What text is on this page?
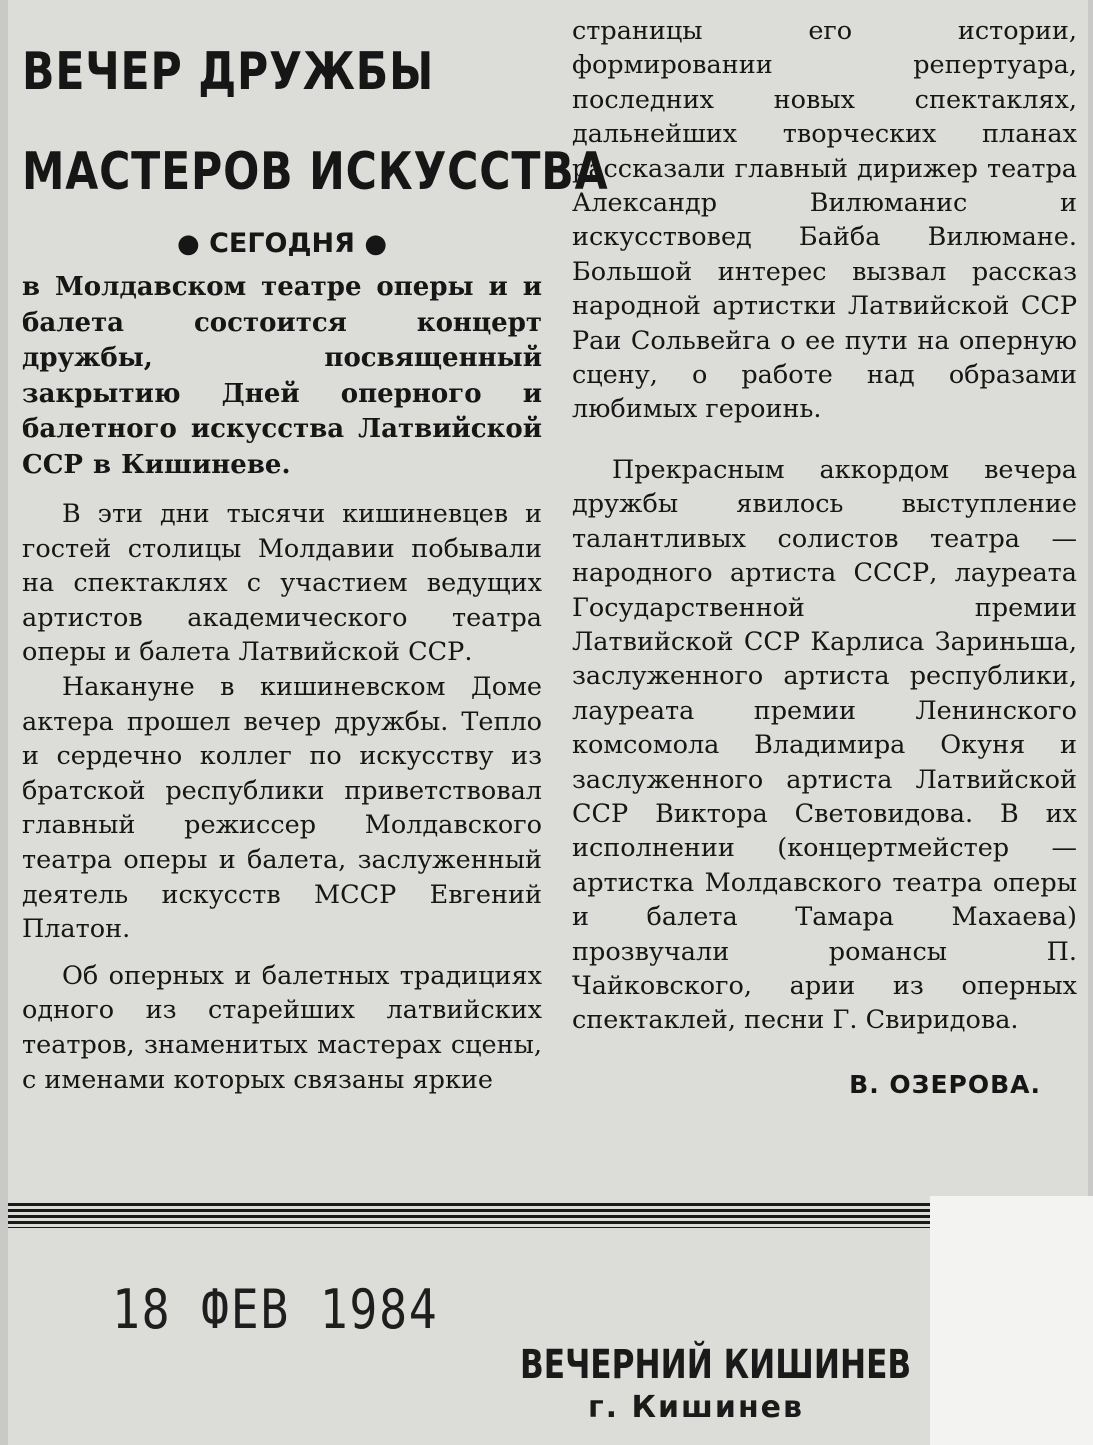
ВЕЧЕР ДРУЖБЫ
МАСТЕРОВ ИСКУССТВА
● СЕГОДНЯ ●

в Молдавском театре оперы и и балета состоится концерт дружбы, посвященный закрытию Дней оперного и балетного искусства Латвийской ССР в Кишиневе.

В эти дни тысячи кишиневцев и гостей столицы Молдавии побывали на спектаклях с участием ведущих артистов академического театра оперы и балета Латвийской ССР.

Накануне в кишиневском Доме актера прошел вечер дружбы. Тепло и сердечно коллег по искусству из братской республики приветствовал главный режиссер Молдавского театра оперы и балета, заслуженный деятель искусств МССР Евгений Платон.

Об оперных и балетных традициях одного из старейших латвийских театров, знаменитых мастерах сцены, с именами которых связаны яркие

страницы его истории, формировании репертуара, последних новых спектаклях, дальнейших творческих планах рассказали главный дирижер театра Александр Вилюманис и искусствовед Байба Вилюмане. Большой интерес вызвал рассказ народной артистки Латвийской ССР Раи Сольвейга о ее пути на оперную сцену, о работе над образами любимых героинь.

Прекрасным аккордом вечера дружбы явилось выступление талантливых солистов театра — народного артиста СССР, лауреата Государственной премии Латвийской ССР Карлиса Зариньша, заслуженного артиста республики, лауреата премии Ленинского комсомола Владимира Окуня и заслуженного артиста Латвийской ССР Виктора Световидова. В их исполнении (концертмейстер — артистка Молдавского театра оперы и балета Тамара Махаева) прозвучали романсы П. Чайковского, арии из оперных спектаклей, песни Г. Свиридова.

В. ОЗЕРОВА.
18 ФЕВ 1984
ВЕЧЕРНИЙ КИШИНЕВ
г. Кишинев
